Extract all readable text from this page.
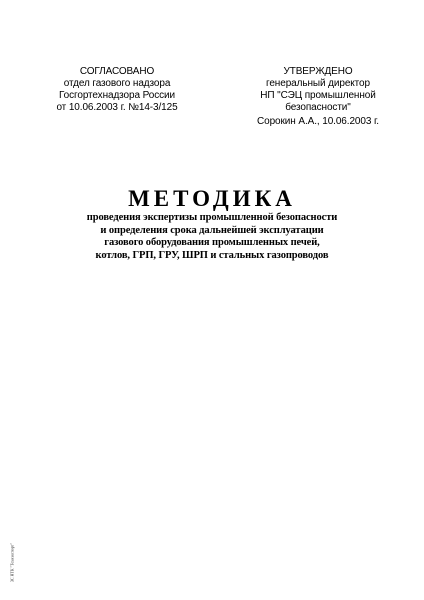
СОГЛАСОВАНО
отдел газового надзора
Госгортехнадзора России
от 10.06.2003 г. №14-3/125
УТВЕРЖДЕНО
генеральный директор
НП "СЭЦ промышленной
безопасности"
Сорокин А.А., 10.06.2003 г.
МЕТОДИКА
проведения экспертизы промышленной безопасности
и определения срока дальнейшей эксплуатации
газового оборудования промышленных печей,
котлов, ГРП, ГРУ, ШРП и стальных газопроводов
ЗС НТК "Технэкспорт"
